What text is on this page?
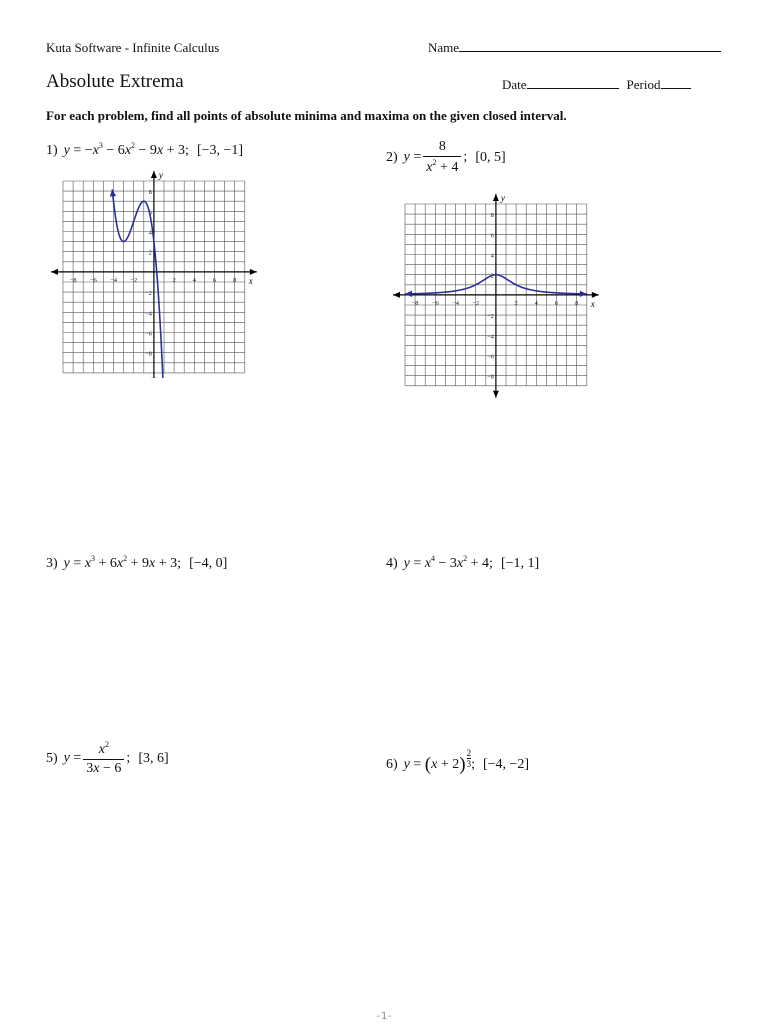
Kuta Software - Infinite Calculus	Name
Absolute Extrema	Date	Period
For each problem, find all points of absolute minima and maxima on the given closed interval.
1) $y = -x^3 - 6x^2 - 9x + 3$; [−3, −1]	2) $y = \frac{8}{x^2 + 4}$ ; [0, 5]
3) $y = x^3 + 6x^2 + 9x + 3$; [−4, 0]	4) $y = x^4 - 3x^2 + 4$; [−1, 1]
5) $y = \frac{x^2}{3x - 6}$ ; [3, 6]	6) $y = (x + 2) \frac{2}{3}$ ; [−4, −2]
x
y
−8 −6 −4 −2	2	4	6	8
8
6
4
2
−2
−4
−6
−8
x
y
−8 −6 −4 −2	2	4	6	8
8
6
4
2
−2
−4
−6
−8
-1-
